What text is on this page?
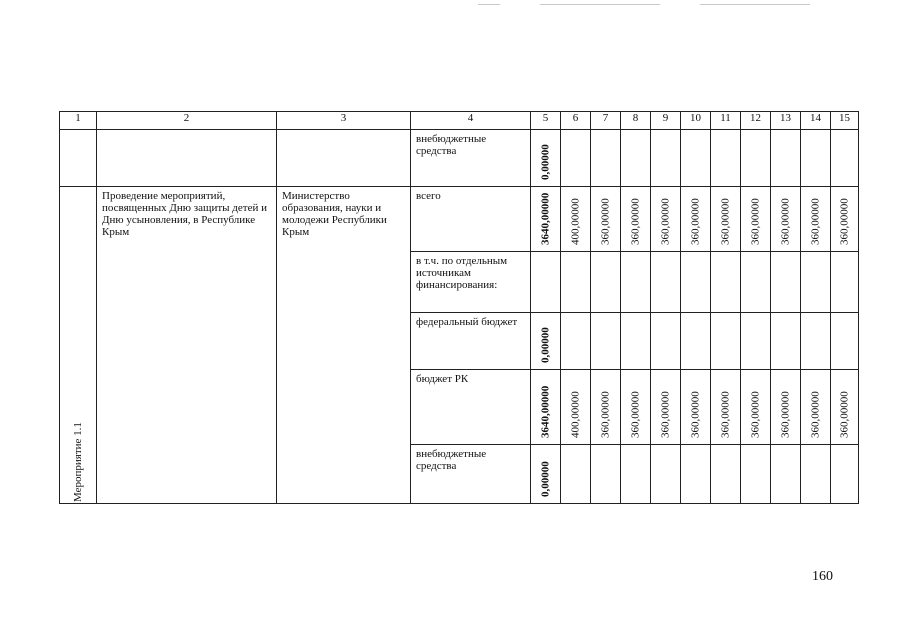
1	2	3	4	5	6	7	8	9	10	11	12	13	14	15

			внебюджетные средства	0,00000										

Мероприятие 1.1	Проведение мероприятий, посвященных Дню защиты детей и Дню усыновления, в Республике Крым	Министерство образования, науки и молодежи Республики Крым	всего	3640,00000	400,00000	360,00000	360,00000	360,00000	360,00000	360,00000	360,00000	360,00000	360,00000	360,00000

			в т.ч. по отдельным источникам финансирования:											

			федеральный бюджет	0,00000										

			бюджет РК	3640,00000	400,00000	360,00000	360,00000	360,00000	360,00000	360,00000	360,00000	360,00000	360,00000	360,00000

			внебюджетные средства	0,00000										

160
